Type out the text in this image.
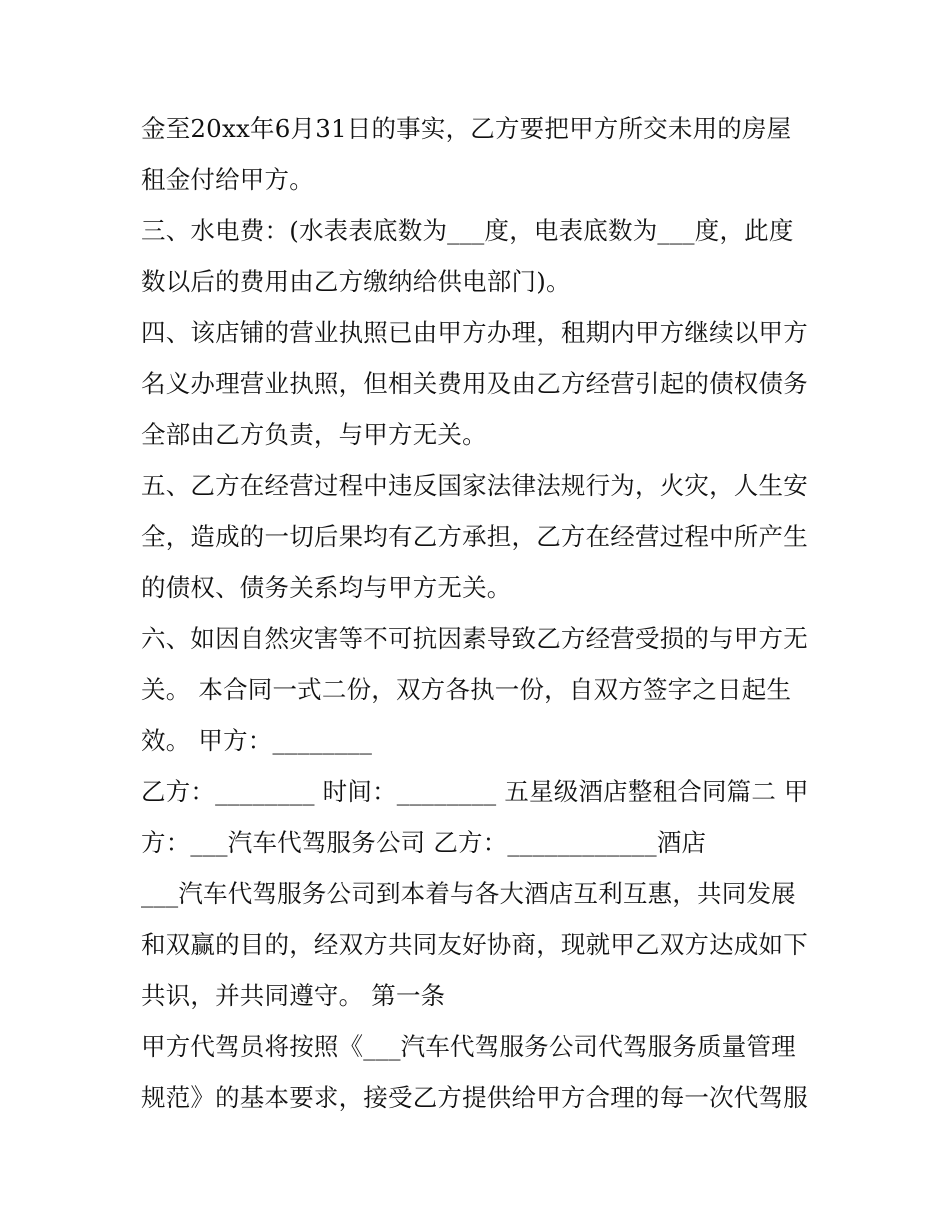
金至20xx年6月31日的事实，乙方要把甲方所交未用的房屋
租金付给甲方。
三、水电费：(水表表底数为___度，电表底数为___度，此度
数以后的费用由乙方缴纳给供电部门)。
四、该店铺的营业执照已由甲方办理，租期内甲方继续以甲方
名义办理营业执照，但相关费用及由乙方经营引起的债权债务
全部由乙方负责，与甲方无关。
五、乙方在经营过程中违反国家法律法规行为，火灾，人生安
全，造成的一切后果均有乙方承担，乙方在经营过程中所产生
的债权、债务关系均与甲方无关。
六、如因自然灾害等不可抗因素导致乙方经营受损的与甲方无
关。 本合同一式二份，双方各执一份，自双方签字之日起生
效。 甲方：________
乙方：________ 时间：________ 五星级酒店整租合同篇二 甲
方：___汽车代驾服务公司 乙方：____________酒店
___汽车代驾服务公司到本着与各大酒店互利互惠，共同发展
和双赢的目的，经双方共同友好协商，现就甲乙双方达成如下
共识，并共同遵守。 第一条
甲方代驾员将按照《___汽车代驾服务公司代驾服务质量管理
规范》的基本要求，接受乙方提供给甲方合理的每一次代驾服
